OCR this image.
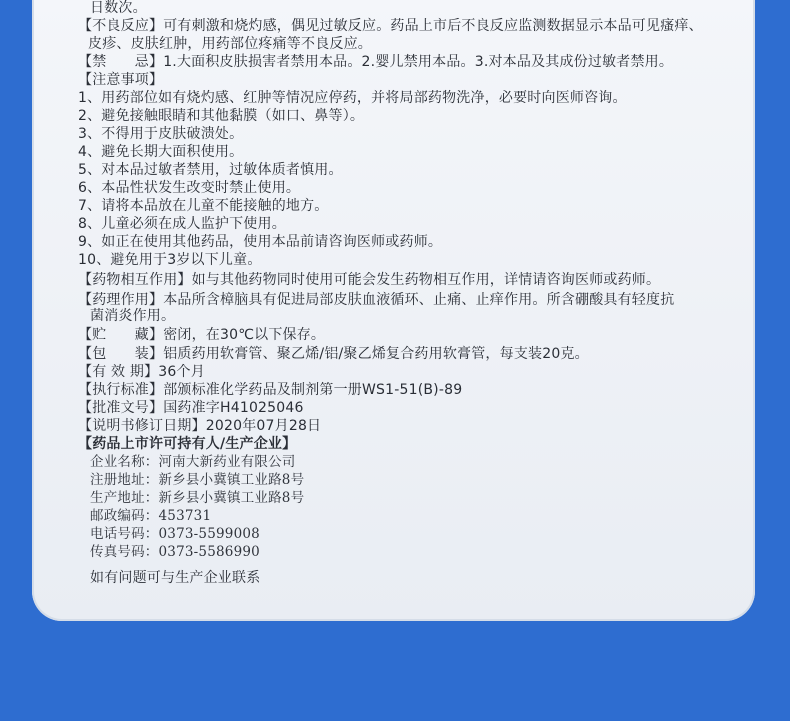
日数次。
【不良反应】可有刺激和烧灼感，偶见过敏反应。药品上市后不良反应监测数据显示本品可见瘙痒、
皮疹、皮肤红肿，用药部位疼痛等不良反应。
【禁　　忌】1.大面积皮肤损害者禁用本品。2.婴儿禁用本品。3.对本品及其成份过敏者禁用。
【注意事项】
1、用药部位如有烧灼感、红肿等情况应停药，并将局部药物洗净，必要时向医师咨询。
2、避免接触眼睛和其他黏膜（如口、鼻等）。
3、不得用于皮肤破溃处。
4、避免长期大面积使用。
5、对本品过敏者禁用，过敏体质者慎用。
6、本品性状发生改变时禁止使用。
7、请将本品放在儿童不能接触的地方。
8、儿童必须在成人监护下使用。
9、如正在使用其他药品，使用本品前请咨询医师或药师。
10、避免用于3岁以下儿童。
【药物相互作用】如与其他药物同时使用可能会发生药物相互作用，详情请咨询医师或药师。
【药理作用】本品所含樟脑具有促进局部皮肤血液循环、止痛、止痒作用。所含硼酸具有轻度抗
菌消炎作用。
【贮　　藏】密闭，在30℃以下保存。
【包　　装】铝质药用软膏管、聚乙烯/铝/聚乙烯复合药用软膏管，每支装20克。
【有 效 期】36个月
【执行标准】部颁标准化学药品及制剂第一册WS1-51(B)-89
【批准文号】国药准字H41025046
【说明书修订日期】2020年07月28日
【药品上市许可持有人/生产企业】
企业名称：河南大新药业有限公司
注册地址：新乡县小冀镇工业路8号
生产地址：新乡县小冀镇工业路8号
邮政编码：453731
电话号码：0373-5599008
传真号码：0373-5586990
如有问题可与生产企业联系
